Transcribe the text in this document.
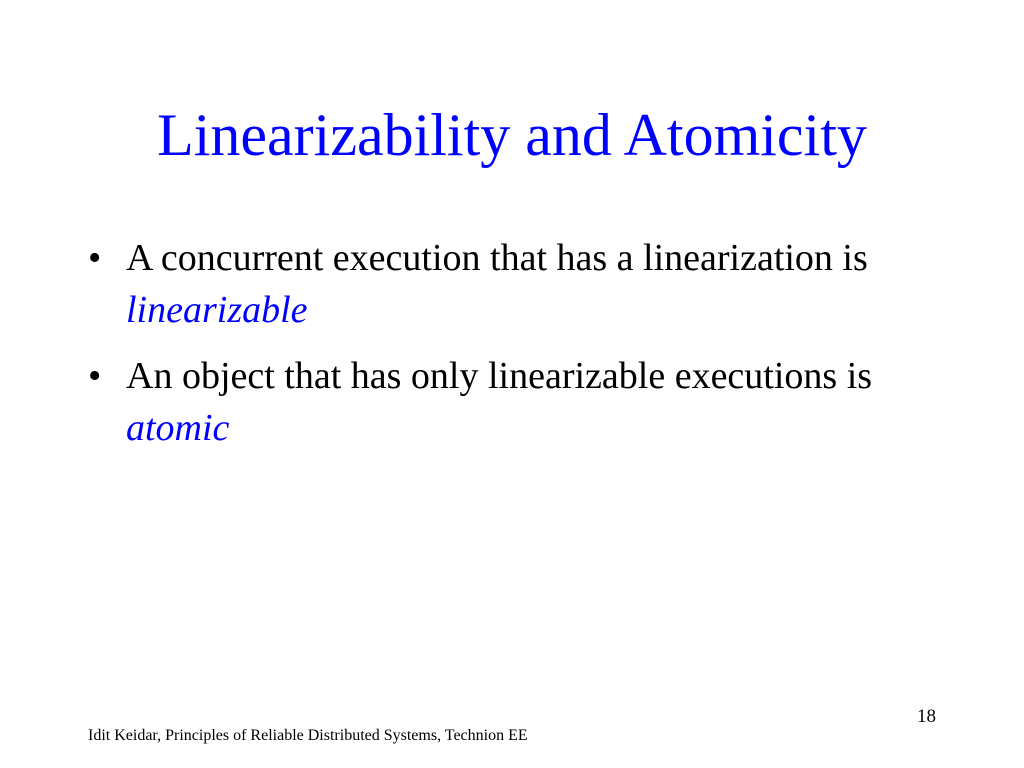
Linearizability and Atomicity
• A concurrent execution that has a linearization is linearizable
• An object that has only linearizable executions is atomic
18
Idit Keidar, Principles of Reliable Distributed Systems, Technion EE
